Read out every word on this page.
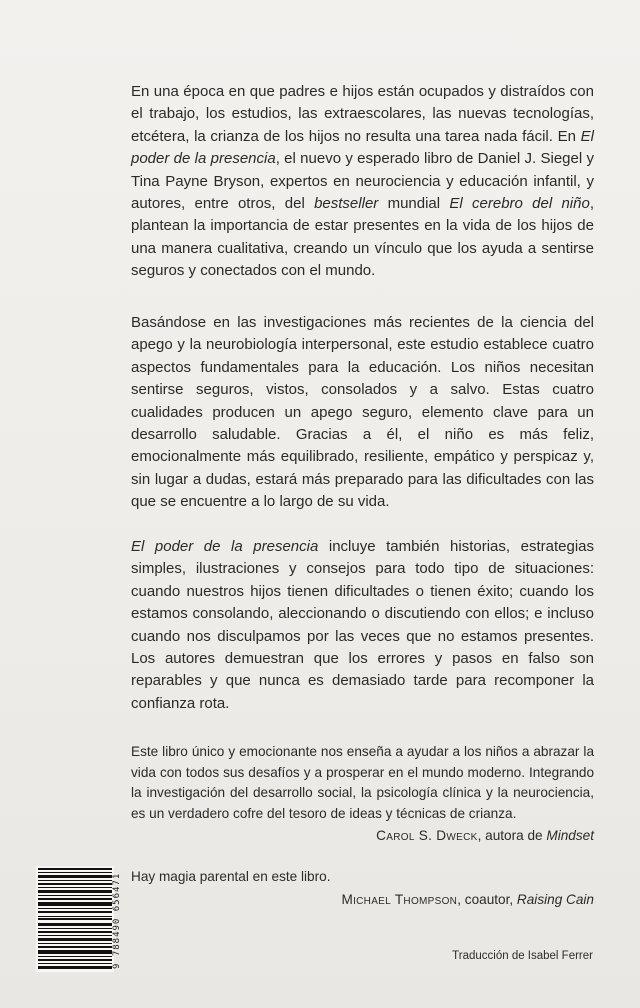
En una época en que padres e hijos están ocupados y distraídos con el trabajo, los estudios, las extraescolares, las nuevas tecnologías, etcétera, la crianza de los hijos no resulta una tarea nada fácil. En El poder de la presencia, el nuevo y esperado libro de Daniel J. Siegel y Tina Payne Bryson, expertos en neurociencia y educación infantil, y autores, entre otros, del bestseller mundial El cerebro del niño, plantean la importancia de estar presentes en la vida de los hijos de una manera cualitativa, creando un vínculo que los ayuda a sentirse seguros y conectados con el mundo.

Basándose en las investigaciones más recientes de la ciencia del apego y la neurobiología interpersonal, este estudio establece cuatro aspectos fundamentales para la educación. Los niños necesitan sentirse seguros, vistos, consolados y a salvo. Estas cuatro cualidades producen un apego seguro, elemento clave para un desarrollo saludable. Gracias a él, el niño es más feliz, emocionalmente más equilibrado, resiliente, empático y perspicaz y, sin lugar a dudas, estará más preparado para las dificultades con las que se encuentre a lo largo de su vida.

El poder de la presencia incluye también historias, estrategias simples, ilustraciones y consejos para todo tipo de situaciones: cuando nuestros hijos tienen dificultades o tienen éxito; cuando los estamos consolando, aleccionando o discutiendo con ellos; e incluso cuando nos disculpamos por las veces que no estamos presentes. Los autores demuestran que los errores y pasos en falso son reparables y que nunca es demasiado tarde para recomponer la confianza rota.

Este libro único y emocionante nos enseña a ayudar a los niños a abrazar la vida con todos sus desafíos y a prosperar en el mundo moderno. Integrando la investigación del desarrollo social, la psicología clínica y la neurociencia, es un verdadero cofre del tesoro de ideas y técnicas de crianza.

Carol S. Dweck, autora de Mindset

Hay magia parental en este libro.

Michael Thompson, coautor, Raising Cain
9 788490 656471	Traducción de Isabel Ferrer
